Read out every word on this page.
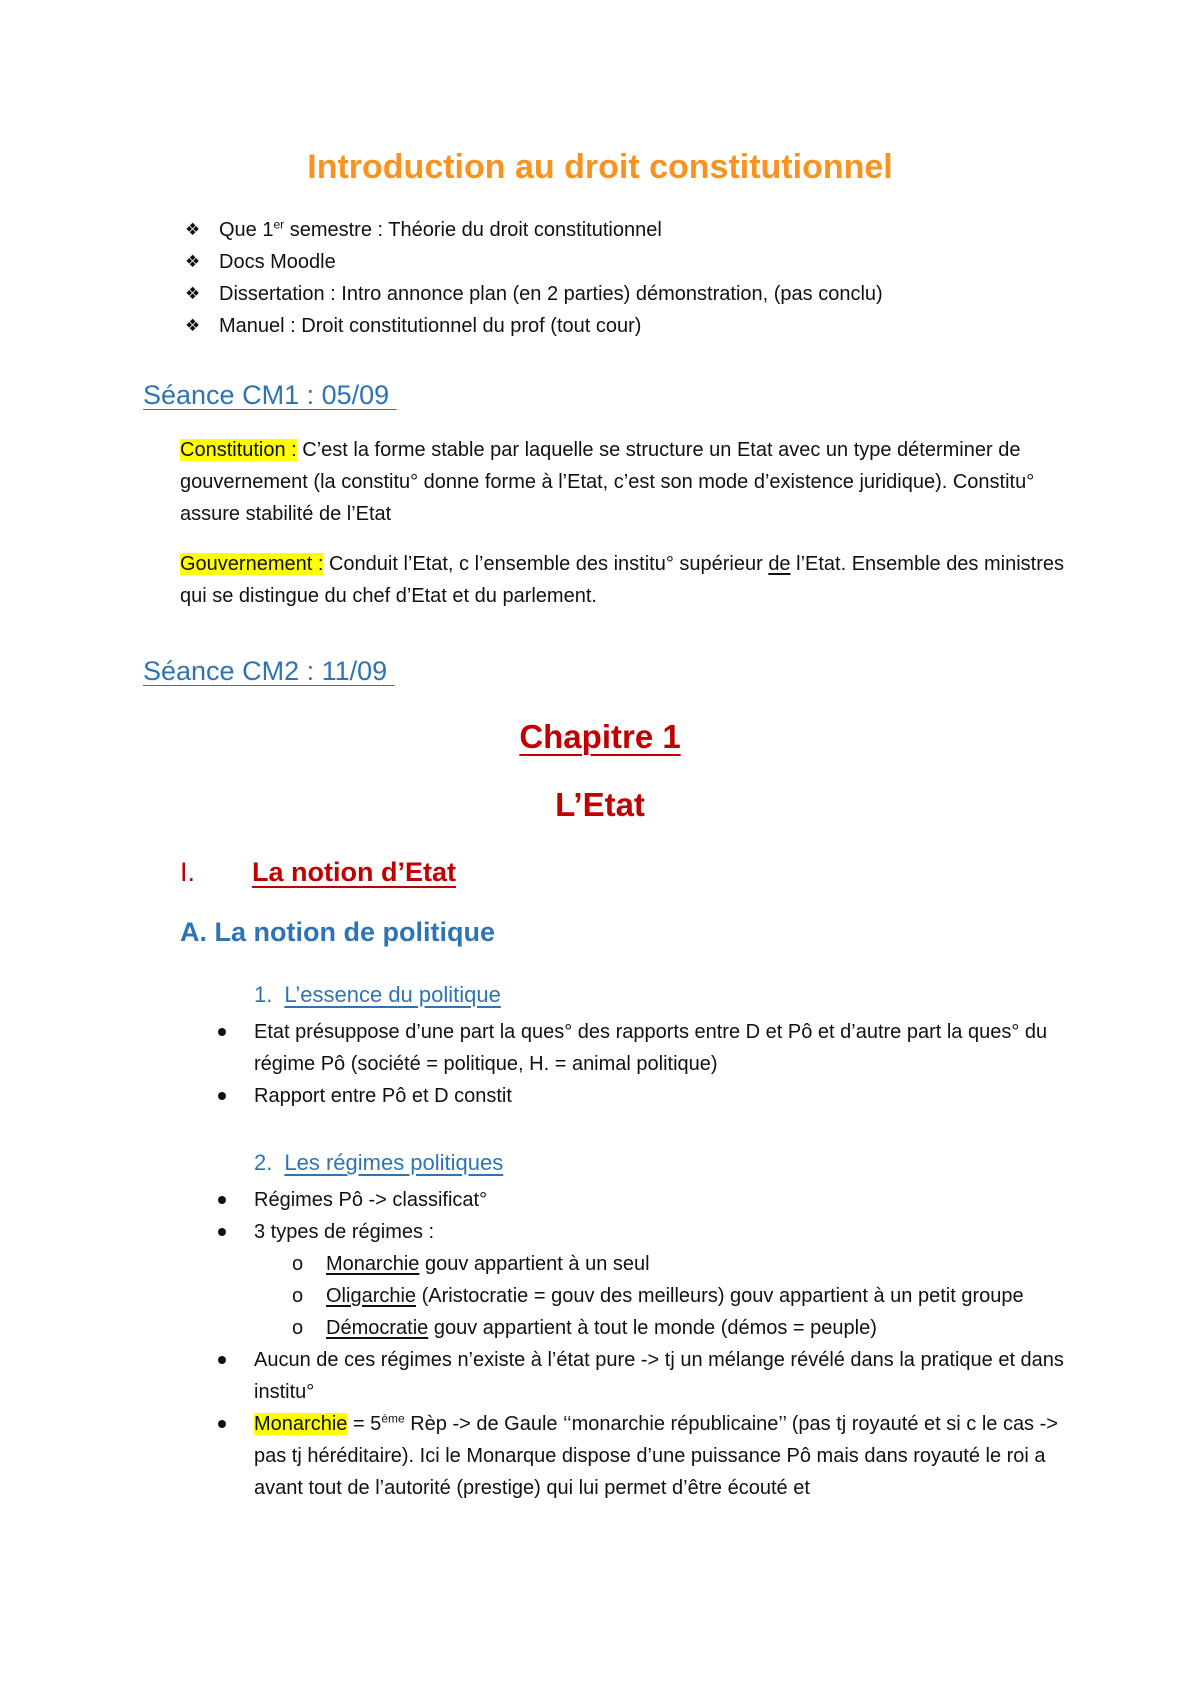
Introduction au droit constitutionnel
❖ Que 1er semestre : Théorie du droit constitutionnel
❖ Docs Moodle
❖ Dissertation : Intro annonce plan (en 2 parties) démonstration, (pas conclu)
❖ Manuel : Droit constitutionnel du prof (tout cour)
Séance CM1 : 05/09

Constitution : C’est la forme stable par laquelle se structure un Etat avec un type déterminer de gouvernement (la constitu° donne forme à l’Etat, c’est son mode d’existence juridique). Constitu° assure stabilité de l’Etat

Gouvernement : Conduit l’Etat, c l’ensemble des institu° supérieur de l’Etat. Ensemble des ministres qui se distingue du chef d’Etat et du parlement.

Séance CM2 : 11/09
Chapitre 1
L’Etat
I. La notion d’Etat
A. La notion de politique
1. L’essence du politique
Etat présuppose d’une part la ques° des rapports entre D et Pô et d’autre part la ques° du régime Pô (société = politique, H. = animal politique)
Rapport entre Pô et D constit
2. Les régimes politiques
Régimes Pô -> classificat°
3 types de régimes :
o Monarchie gouv appartient à un seul
o Oligarchie (Aristocratie = gouv des meilleurs) gouv appartient à un petit groupe
o Démocratie gouv appartient à tout le monde (démos = peuple)
Aucun de ces régimes n’existe à l’état pure -> tj un mélange révélé dans la pratique et dans institu°
Monarchie = 5ème Rèp -> de Gaule ‘‘monarchie républicaine’’ (pas tj royauté et si c le cas -> pas tj héréditaire). Ici le Monarque dispose d’une puissance Pô mais dans royauté le roi a avant tout de l’autorité (prestige) qui lui permet d’être écouté et
